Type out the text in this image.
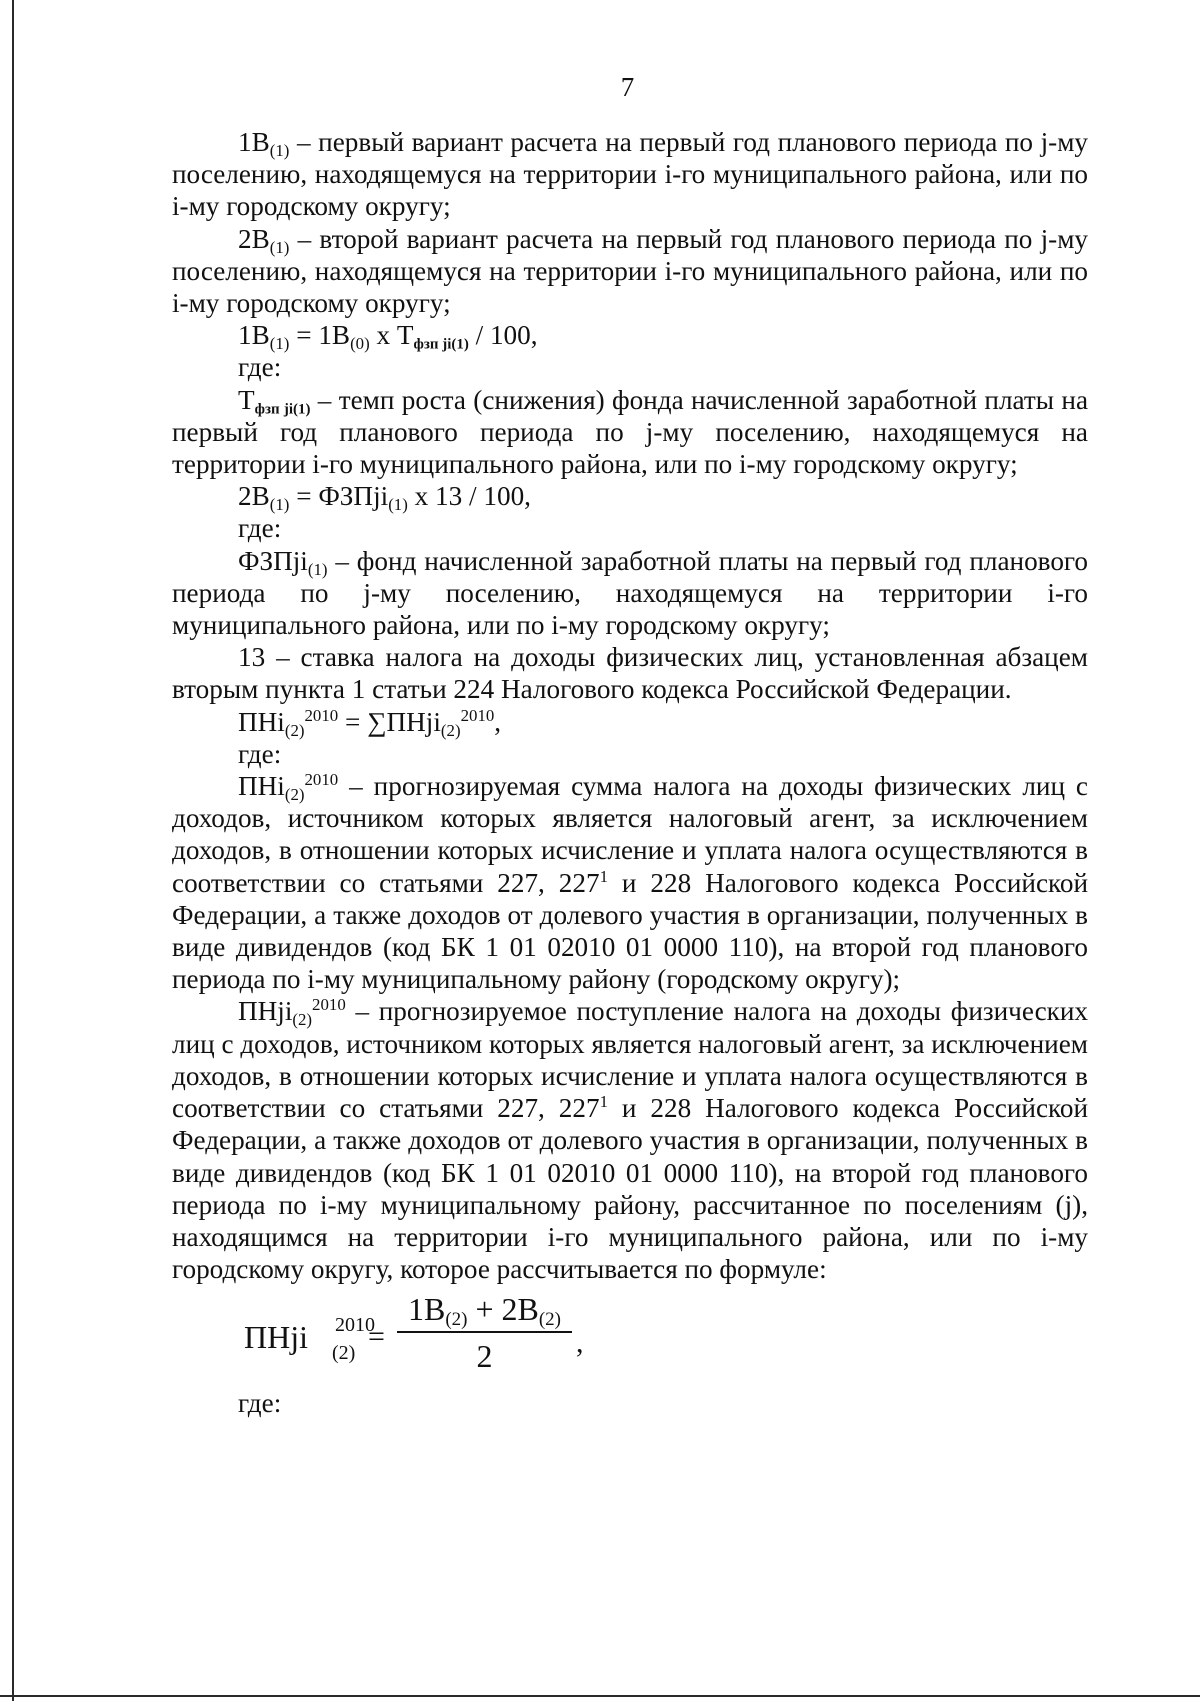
7

$1В_{(1)}$ – первый вариант расчета на первый год планового периода по j-му поселению, находящемуся на территории i-го муниципального района, или по i-му городскому округу;

$2В_{(1)}$ – второй вариант расчета на первый год планового периода по j-му поселению, находящемуся на территории i-го муниципального района, или по i-му городскому округу;

$1В_{(1)} = 1В_{(0)}$ х Тфзп ji(1) / 100,

где:

Тфзп ji(1) – темп роста (снижения) фонда начисленной заработной платы на первый год планового периода по j-му поселению, находящемуся на территории i-го муниципального района, или по i-му городскому округу;

$2В_{(1)}$ = ФЗПji$_{(1)}$ х 13 / 100,

где:

ФЗПji$_{(1)}$ – фонд начисленной заработной платы на первый год планового периода по j-му поселению, находящемуся на территории i-го муниципального района, или по i-му городскому округу;

13 – ставка налога на доходы физических лиц, установленная абзацем вторым пункта 1 статьи 224 Налогового кодекса Российской Федерации.

ПНi$_{(2)}^{2010}$ = ∑ПНji$_{(2)}^{2010}$,

где:

ПНi$_{(2)}^{2010}$ – прогнозируемая сумма налога на доходы физических лиц с доходов, источником которых является налоговый агент, за исключением доходов, в отношении которых исчисление и уплата налога осуществляются в соответствии со статьями 227, $227^1$ и 228 Налогового кодекса Российской Федерации, а также доходов от долевого участия в организации, полученных в виде дивидендов (код БК 1 01 02010 01 0000 110), на второй год планового периода по i-му муниципальному району (городскому округу);

ПНji$_{(2)}^{2010}$ – прогнозируемое поступление налога на доходы физических лиц с доходов, источником которых является налоговый агент, за исключением доходов, в отношении которых исчисление и уплата налога осуществляются в соответствии со статьями 227, $227^1$ и 228 Налогового кодекса Российской Федерации, а также доходов от долевого участия в организации, полученных в виде дивидендов (код БК 1 01 02010 01 0000 110), на второй год планового периода по i-му муниципальному району, рассчитанное по поселениям (j), находящимся на территории i-го муниципального района, или по i-му городскому округу, которое рассчитывается по формуле:

ПНji 2010
(2) =
$1В_{(2)} + 2В_{(2)}$
2	,

где:
